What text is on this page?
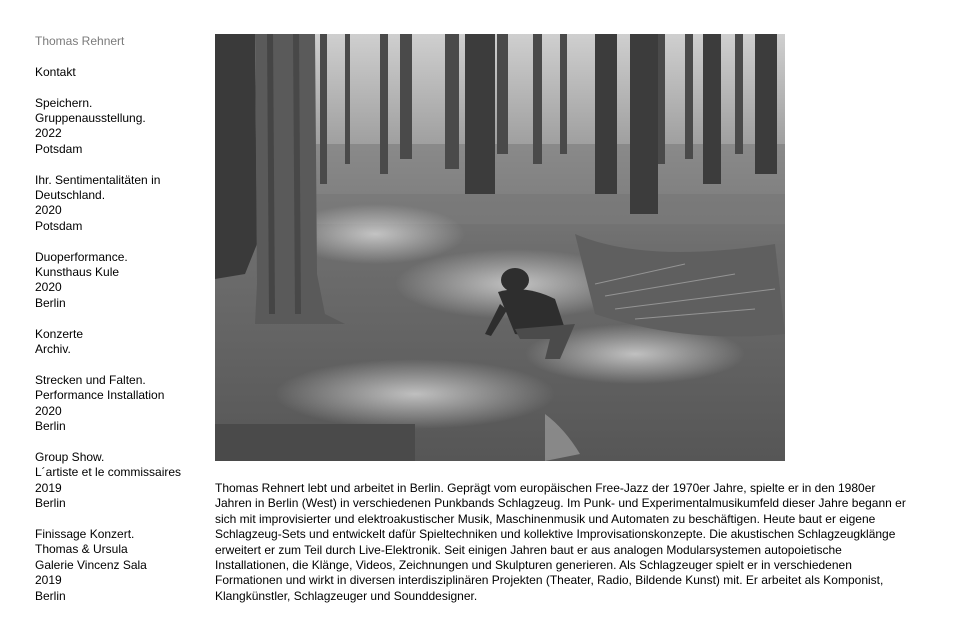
Thomas Rehnert
Kontakt
Speichern.
Gruppenausstellung.
2022
Potsdam
Ihr. Sentimentalitäten in
Deutschland.
2020
Potsdam
Duoperformance.
Kunsthaus Kule
2020
Berlin
Konzerte
Archiv.
Strecken und Falten.
Performance Installation
2020
Berlin
Group Show.
L´artiste et le commissaires
2019
Berlin
Finissage Konzert.
Thomas & Ursula
Galerie Vincenz Sala
2019
Berlin

Thomas Rehnert lebt und arbeitet in Berlin. Geprägt vom europäischen Free-Jazz der 1970er Jahre, spielte er in den 1980er Jahren in Berlin (West) in verschiedenen Punkbands Schlagzeug. Im Punk- und Experimentalmusikumfeld dieser Jahre begann er sich mit improvisierter und elektroakustischer Musik, Maschinenmusik und Automaten zu beschäftigen. Heute baut er eigene Schlagzeug-Sets und entwickelt dafür Spieltechniken und kollektive Improvisationskonzepte. Die akustischen Schlagzeugklänge erweitert er zum Teil durch Live-Elektronik. Seit einigen Jahren baut er aus analogen Modularsystemen autopoietische Installationen, die Klänge, Videos, Zeichnungen und Skulpturen generieren. Als Schlagzeuger spielt er in verschiedenen Formationen und wirkt in diversen interdisziplinären Projekten (Theater, Radio, Bildende Kunst) mit. Er arbeitet als Komponist, Klangkünstler, Schlagzeuger und Sounddesigner.
